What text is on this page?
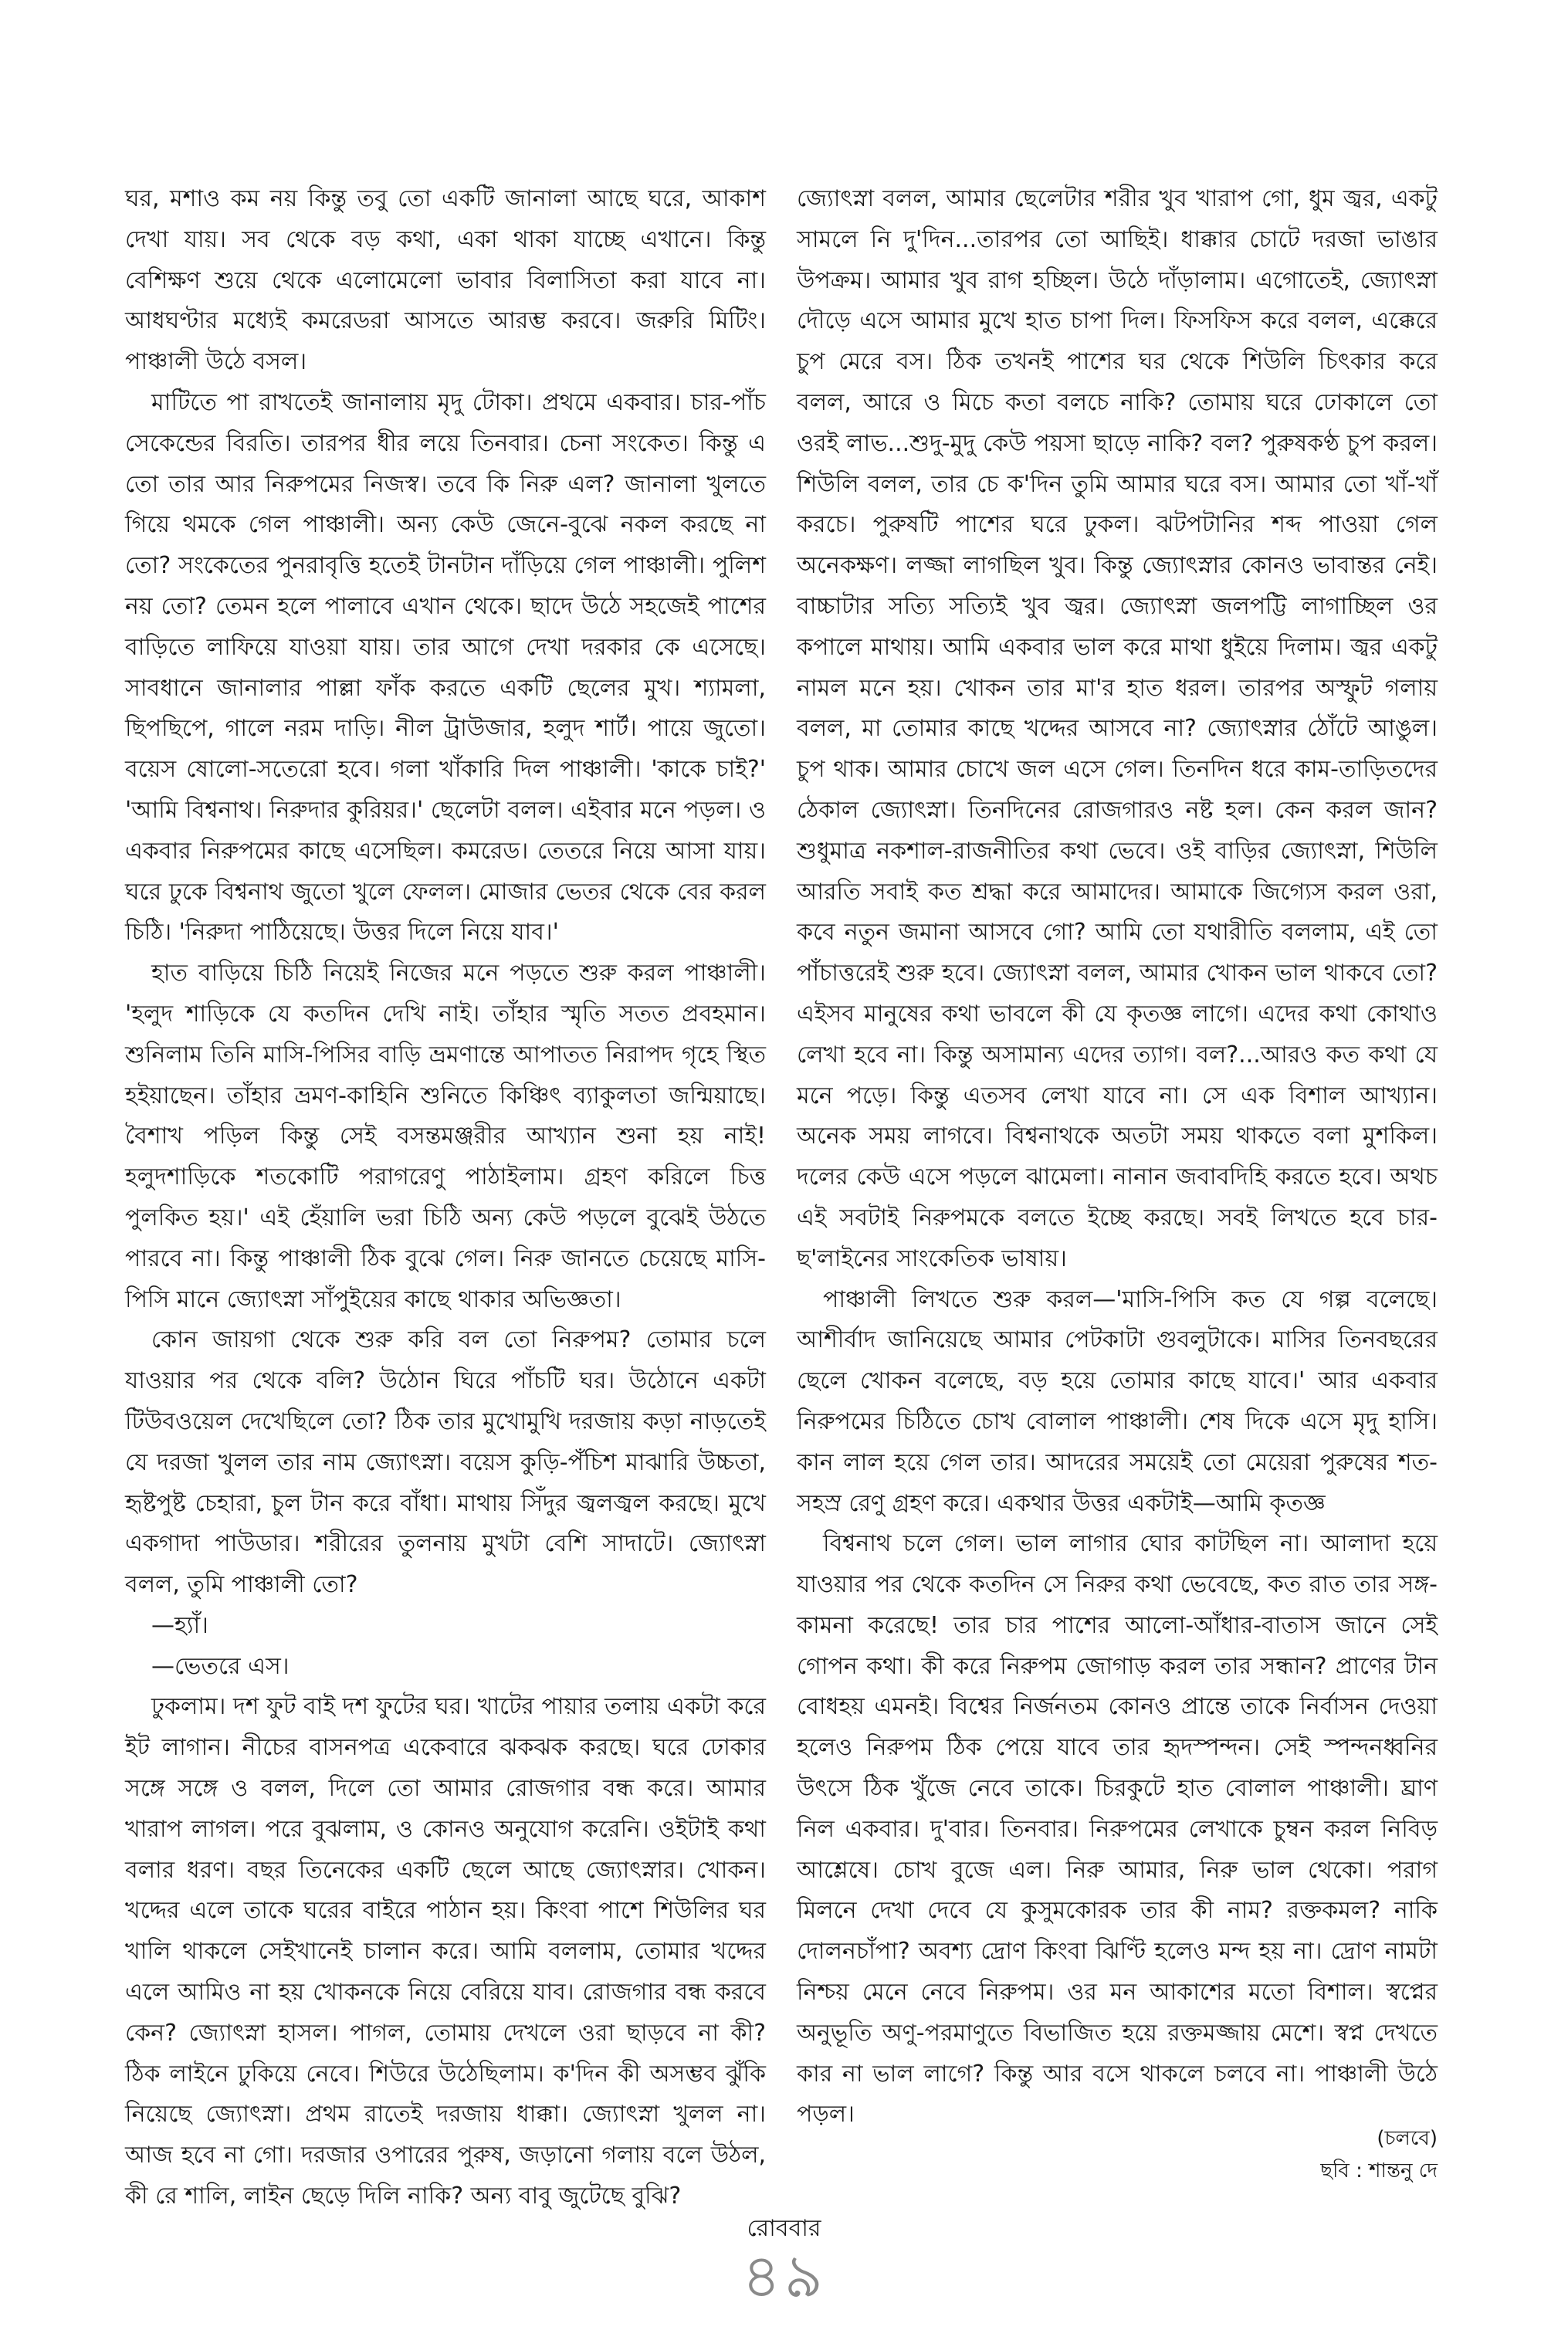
ঘর, মশাও কম নয় কিন্তু তবু তো একটি জানালা আছে ঘরে, আকাশ দেখা যায়। সব থেকে বড় কথা, একা থাকা যাচ্ছে এখানে। কিন্তু বেশিক্ষণ শুয়ে থেকে এলোমেলো ভাবার বিলাসিতা করা যাবে না। আধঘণ্টার মধ্যেই কমরেডরা আসতে আরম্ভ করবে। জরুরি মিটিং। পাঞ্চালী উঠে বসল।

মাটিতে পা রাখতেই জানালায় মৃদু টোকা। প্রথমে একবার। চার-পাঁচ সেকেন্ডের বিরতি। তারপর ধীর লয়ে তিনবার। চেনা সংকেত। কিন্তু এ তো তার আর নিরুপমের নিজস্ব। তবে কি নিরু এল? জানালা খুলতে গিয়ে থমকে গেল পাঞ্চালী। অন্য কেউ জেনে-বুঝে নকল করছে না তো? সংকেতের পুনরাবৃত্তি হতেই টানটান দাঁড়িয়ে গেল পাঞ্চালী। পুলিশ নয় তো? তেমন হলে পালাবে এখান থেকে। ছাদে উঠে সহজেই পাশের বাড়িতে লাফিয়ে যাওয়া যায়। তার আগে দেখা দরকার কে এসেছে। সাবধানে জানালার পাল্লা ফাঁক করতে একটি ছেলের মুখ। শ্যামলা, ছিপছিপে, গালে নরম দাড়ি। নীল ট্রাউজার, হলুদ শার্ট। পায়ে জুতো। বয়েস ষোলো-সতেরো হবে। গলা খাঁকারি দিল পাঞ্চালী। 'কাকে চাই?' 'আমি বিশ্বনাথ। নিরুদার কুরিয়র।' ছেলেটা বলল। এইবার মনে পড়ল। ও একবার নিরুপমের কাছে এসেছিল। কমরেড। তেতরে নিয়ে আসা যায়। ঘরে ঢুকে বিশ্বনাথ জুতো খুলে ফেলল। মোজার ভেতর থেকে বের করল চিঠি। 'নিরুদা পাঠিয়েছে। উত্তর দিলে নিয়ে যাব।'

হাত বাড়িয়ে চিঠি নিয়েই নিজের মনে পড়তে শুরু করল পাঞ্চালী। 'হলুদ শাড়িকে যে কতদিন দেখি নাই। তাঁহার স্মৃতি সতত প্রবহমান। শুনিলাম তিনি মাসি-পিসির বাড়ি ভ্রমণান্তে আপাতত নিরাপদ গৃহে স্থিত হইয়াছেন। তাঁহার ভ্রমণ-কাহিনি শুনিতে কিঞ্চিৎ ব্যাকুলতা জন্মিয়াছে। বৈশাখ পড়িল কিন্তু সেই বসন্তমঞ্জরীর আখ্যান শুনা হয় নাই! হলুদশাড়িকে শতকোটি পরাগরেণু পাঠাইলাম। গ্রহণ করিলে চিত্ত পুলকিত হয়।' এই হেঁয়ালি ভরা চিঠি অন্য কেউ পড়লে বুঝেই উঠতে পারবে না। কিন্তু পাঞ্চালী ঠিক বুঝে গেল। নিরু জানতে চেয়েছে মাসি-পিসি মানে জ্যোৎস্না সাঁপুইয়ের কাছে থাকার অভিজ্ঞতা।

কোন জায়গা থেকে শুরু করি বল তো নিরুপম? তোমার চলে যাওয়ার পর থেকে বলি? উঠোন ঘিরে পাঁচটি ঘর। উঠোনে একটা টিউবওয়েল দেখেছিলে তো? ঠিক তার মুখোমুখি দরজায় কড়া নাড়তেই যে দরজা খুলল তার নাম জ্যোৎস্না। বয়েস কুড়ি-পঁচিশ মাঝারি উচ্চতা, হৃষ্টপুষ্ট চেহারা, চুল টান করে বাঁধা। মাথায় সিঁদুর জ্বলজ্বল করছে। মুখে একগাদা পাউডার। শরীরের তুলনায় মুখটা বেশি সাদাটে। জ্যোৎস্না বলল, তুমি পাঞ্চালী তো?

—হ্যাঁ।

—ভেতরে এস।

ঢুকলাম। দশ ফুট বাই দশ ফুটের ঘর। খাটের পায়ার তলায় একটা করে ইট লাগান। নীচের বাসনপত্র একেবারে ঝকঝক করছে। ঘরে ঢোকার সঙ্গে সঙ্গে ও বলল, দিলে তো আমার রোজগার বন্ধ করে। আমার খারাপ লাগল। পরে বুঝলাম, ও কোনও অনুযোগ করেনি। ওইটাই কথা বলার ধরণ। বছর তিনেকের একটি ছেলে আছে জ্যোৎস্নার। খোকন। খদ্দের এলে তাকে ঘরের বাইরে পাঠান হয়। কিংবা পাশে শিউলির ঘর খালি থাকলে সেইখানেই চালান করে। আমি বললাম, তোমার খদ্দের এলে আমিও না হয় খোকনকে নিয়ে বেরিয়ে যাব। রোজগার বন্ধ করবে কেন? জ্যোৎস্না হাসল। পাগল, তোমায় দেখলে ওরা ছাড়বে না কী? ঠিক লাইনে ঢুকিয়ে নেবে। শিউরে উঠেছিলাম। ক'দিন কী অসম্ভব ঝুঁকি নিয়েছে জ্যোৎস্না। প্রথম রাতেই দরজায় ধাক্কা। জ্যোৎস্না খুলল না। আজ হবে না গো। দরজার ওপারের পুরুষ, জড়ানো গলায় বলে উঠল, কী রে শালি, লাইন ছেড়ে দিলি নাকি? অন্য বাবু জুটেছে বুঝি?

জ্যোৎস্না বলল, আমার ছেলেটার শরীর খুব খারাপ গো, ধুম জ্বর, একটু সামলে নি দু'দিন...তারপর তো আছিই। ধাক্কার চোটে দরজা ভাঙার উপক্রম। আমার খুব রাগ হচ্ছিল। উঠে দাঁড়ালাম। এগোতেই, জ্যোৎস্না দৌড়ে এসে আমার মুখে হাত চাপা দিল। ফিসফিস করে বলল, এক্কেরে চুপ মেরে বস। ঠিক তখনই পাশের ঘর থেকে শিউলি চিৎকার করে বলল, আরে ও মিচে কতা বলচে নাকি? তোমায় ঘরে ঢোকালে তো ওরই লাভ...শুদু-মুদু কেউ পয়সা ছাড়ে নাকি? বল? পুরুষকণ্ঠ চুপ করল। শিউলি বলল, তার চে ক'দিন তুমি আমার ঘরে বস। আমার তো খাঁ-খাঁ করচে। পুরুষটি পাশের ঘরে ঢুকল। ঝটপটানির শব্দ পাওয়া গেল অনেকক্ষণ। লজ্জা লাগছিল খুব। কিন্তু জ্যোৎস্নার কোনও ভাবান্তর নেই। বাচ্চাটার সত্যি সত্যিই খুব জ্বর। জ্যোৎস্না জলপট্টি লাগাচ্ছিল ওর কপালে মাথায়। আমি একবার ভাল করে মাথা ধুইয়ে দিলাম। জ্বর একটু নামল মনে হয়। খোকন তার মা'র হাত ধরল। তারপর অস্ফুট গলায় বলল, মা তোমার কাছে খদ্দের আসবে না? জ্যোৎস্নার ঠোঁটে আঙুল। চুপ থাক। আমার চোখে জল এসে গেল। তিনদিন ধরে কাম-তাড়িতদের ঠেকাল জ্যোৎস্না। তিনদিনের রোজগারও নষ্ট হল। কেন করল জান? শুধুমাত্র নকশাল-রাজনীতির কথা ভেবে। ওই বাড়ির জ্যোৎস্না, শিউলি আরতি সবাই কত শ্রদ্ধা করে আমাদের। আমাকে জিগ্যেস করল ওরা, কবে নতুন জমানা আসবে গো? আমি তো যথারীতি বললাম, এই তো পাঁচাত্তরেই শুরু হবে। জ্যোৎস্না বলল, আমার খোকন ভাল থাকবে তো? এইসব মানুষের কথা ভাবলে কী যে কৃতজ্ঞ লাগে। এদের কথা কোথাও লেখা হবে না। কিন্তু অসামান্য এদের ত্যাগ। বল?...আরও কত কথা যে মনে পড়ে। কিন্তু এতসব লেখা যাবে না। সে এক বিশাল আখ্যান। অনেক সময় লাগবে। বিশ্বনাথকে অতটা সময় থাকতে বলা মুশকিল। দলের কেউ এসে পড়লে ঝামেলা। নানান জবাবদিহি করতে হবে। অথচ এই সবটাই নিরুপমকে বলতে ইচ্ছে করছে। সবই লিখতে হবে চার-ছ'লাইনের সাংকেতিক ভাষায়।

পাঞ্চালী লিখতে শুরু করল—'মাসি-পিসি কত যে গল্প বলেছে। আশীর্বাদ জানিয়েছে আমার পেটকাটা গুবলুটাকে। মাসির তিনবছরের ছেলে খোকন বলেছে, বড় হয়ে তোমার কাছে যাবে।' আর একবার নিরুপমের চিঠিতে চোখ বোলাল পাঞ্চালী। শেষ দিকে এসে মৃদু হাসি। কান লাল হয়ে গেল তার। আদরের সময়েই তো মেয়েরা পুরুষের শত-সহস্র রেণু গ্রহণ করে। একথার উত্তর একটাই—আমি কৃতজ্ঞ

বিশ্বনাথ চলে গেল। ভাল লাগার ঘোর কাটছিল না। আলাদা হয়ে যাওয়ার পর থেকে কতদিন সে নিরুর কথা ভেবেছে, কত রাত তার সঙ্গ-কামনা করেছে! তার চার পাশের আলো-আঁধার-বাতাস জানে সেই গোপন কথা। কী করে নিরুপম জোগাড় করল তার সন্ধান? প্রাণের টান বোধহয় এমনই। বিশ্বের নির্জনতম কোনও প্রান্তে তাকে নির্বাসন দেওয়া হলেও নিরুপম ঠিক পেয়ে যাবে তার হৃদস্পন্দন। সেই স্পন্দনধ্বনির উৎসে ঠিক খুঁজে নেবে তাকে। চিরকুটে হাত বোলাল পাঞ্চালী। ঘ্রাণ নিল একবার। দু'বার। তিনবার। নিরুপমের লেখাকে চুম্বন করল নিবিড় আশ্লেষে। চোখ বুজে এল। নিরু আমার, নিরু ভাল থেকো। পরাগ মিলনে দেখা দেবে যে কুসুমকোরক তার কী নাম? রক্তকমল? নাকি দোলনচাঁপা? অবশ্য দ্রোণ কিংবা ঝিণ্টি হলেও মন্দ হয় না। দ্রোণ নামটা নিশ্চয় মেনে নেবে নিরুপম। ওর মন আকাশের মতো বিশাল। স্বপ্নের অনুভূতি অণু-পরমাণুতে বিভাজিত হয়ে রক্তমজ্জায় মেশে। স্বপ্ন দেখতে কার না ভাল লাগে? কিন্তু আর বসে থাকলে চলবে না। পাঞ্চালী উঠে পড়ল।

(চলবে)
ছবি : শান্তনু দে
রোববার
৪৯
